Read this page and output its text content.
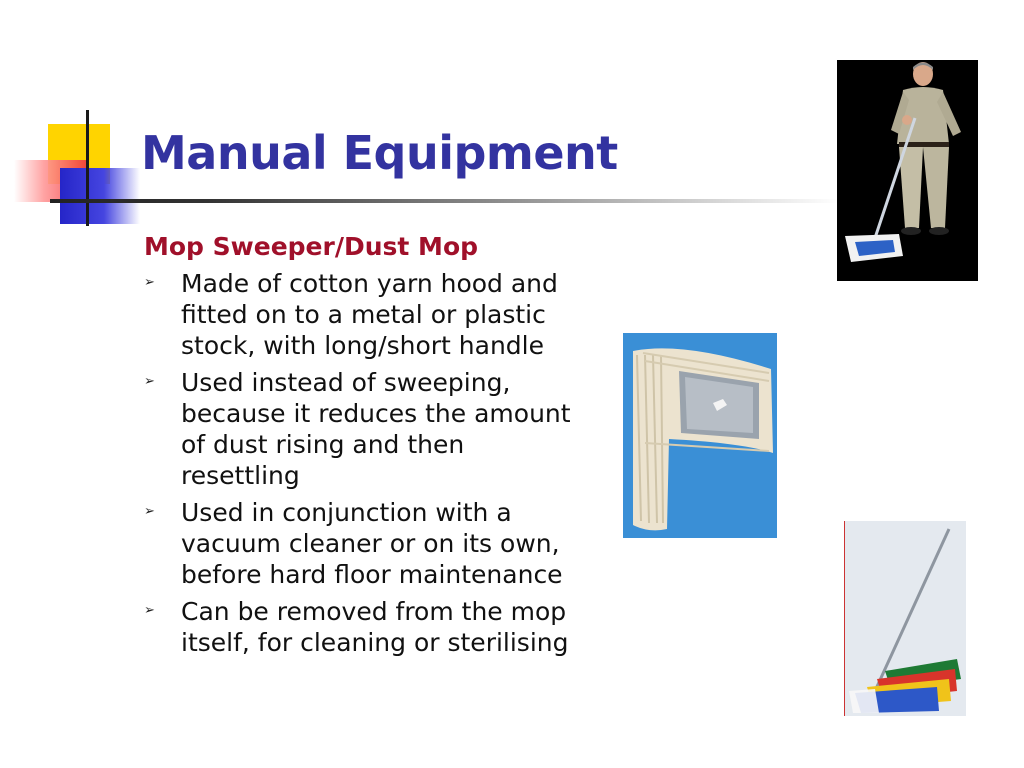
Manual Equipment
Mop Sweeper/Dust Mop
➢ Made of cotton yarn hood and fitted on to a metal or plastic stock, with long/short handle
➢ Used instead of sweeping, because it reduces the amount of dust rising and then resettling
➢ Used in conjunction with a vacuum cleaner or on its own, before hard floor maintenance
➢ Can be removed from the mop itself, for cleaning or sterilising
